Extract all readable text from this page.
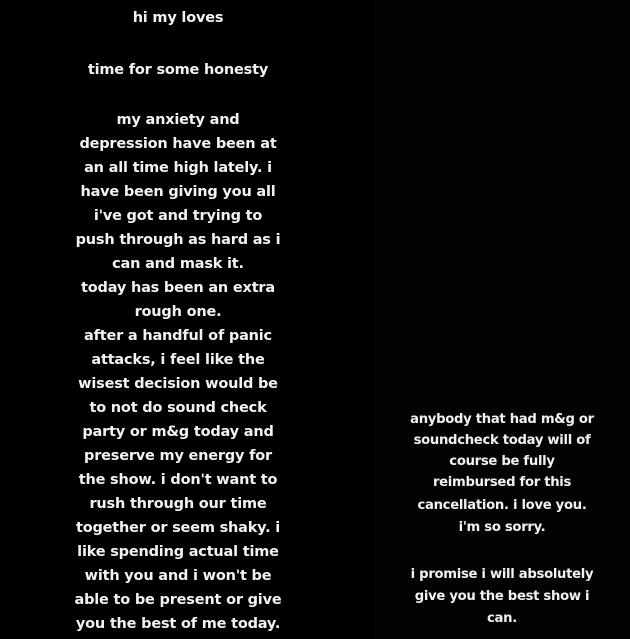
hi my loves
time for some honesty
my anxiety and
depression have been at
an all time high lately. i
have been giving you all
i've got and trying to
push through as hard as i
can and mask it.
today has been an extra
rough one.
after a handful of panic
attacks, i feel like the
wisest decision would be
to not do sound check
party or m&g today and
preserve my energy for
the show. i don't want to
rush through our time
together or seem shaky. i
like spending actual time
with you and i won't be
able to be present or give
you the best of me today.
anybody that had m&g or
soundcheck today will of
course be fully
reimbursed for this
cancellation. i love you.
i'm so sorry.
i promise i will absolutely
give you the best show i
can.
